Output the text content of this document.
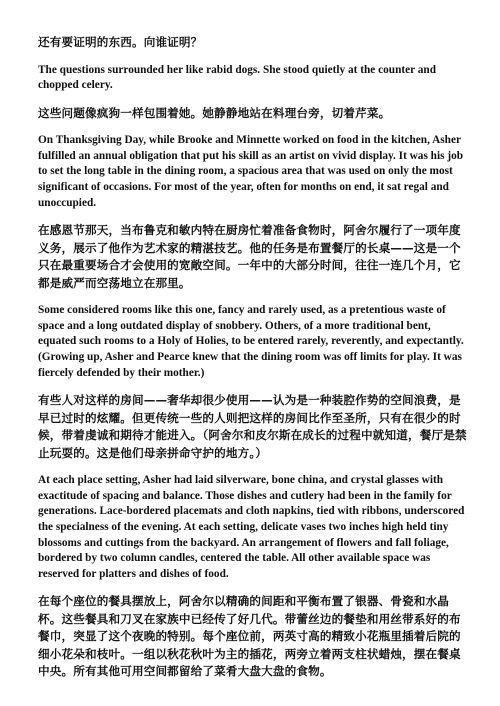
还有要证明的东西。向谁证明？

The questions surrounded her like rabid dogs. She stood quietly at the counter and chopped celery.

这些问题像疯狗一样包围着她。她静静地站在料理台旁，切着芹菜。

On Thanksgiving Day, while Brooke and Minnette worked on food in the kitchen, Asher fulfilled an annual obligation that put his skill as an artist on vivid display. It was his job to set the long table in the dining room, a spacious area that was used on only the most significant of occasions. For most of the year, often for months on end, it sat regal and unoccupied.

在感恩节那天，当布鲁克和敏内特在厨房忙着准备食物时，阿舍尔履行了一项年度义务，展示了他作为艺术家的精湛技艺。他的任务是布置餐厅的长桌——这是一个只在最重要场合才会使用的宽敞空间。一年中的大部分时间，往往一连几个月，它都是威严而空荡地立在那里。

Some considered rooms like this one, fancy and rarely used, as a pretentious waste of space and a long outdated display of snobbery. Others, of a more traditional bent, equated such rooms to a Holy of Holies, to be entered rarely, reverently, and expectantly. (Growing up, Asher and Pearce knew that the dining room was off limits for play. It was fiercely defended by their mother.)

有些人对这样的房间——奢华却很少使用——认为是一种装腔作势的空间浪费，是早已过时的炫耀。但更传统一些的人则把这样的房间比作至圣所，只有在很少的时候，带着虔诚和期待才能进入。（阿舍尔和皮尔斯在成长的过程中就知道，餐厅是禁止玩耍的。这是他们母亲拼命守护的地方。）

At each place setting, Asher had laid silverware, bone china, and crystal glasses with exactitude of spacing and balance. Those dishes and cutlery had been in the family for generations. Lace-bordered placemats and cloth napkins, tied with ribbons, underscored the specialness of the evening. At each setting, delicate vases two inches high held tiny blossoms and cuttings from the backyard. An arrangement of flowers and fall foliage, bordered by two column candles, centered the table. All other available space was reserved for platters and dishes of food.

在每个座位的餐具摆放上，阿舍尔以精确的间距和平衡布置了银器、骨瓷和水晶杯。这些餐具和刀叉在家族中已经传了好几代。带蕾丝边的餐垫和用丝带系好的布餐巾，突显了这个夜晚的特别。每个座位前，两英寸高的精致小花瓶里插着后院的细小花朵和枝叶。一组以秋花秋叶为主的插花，两旁立着两支柱状蜡烛，摆在餐桌中央。所有其他可用空间都留给了菜肴大盘大盘的食物。
